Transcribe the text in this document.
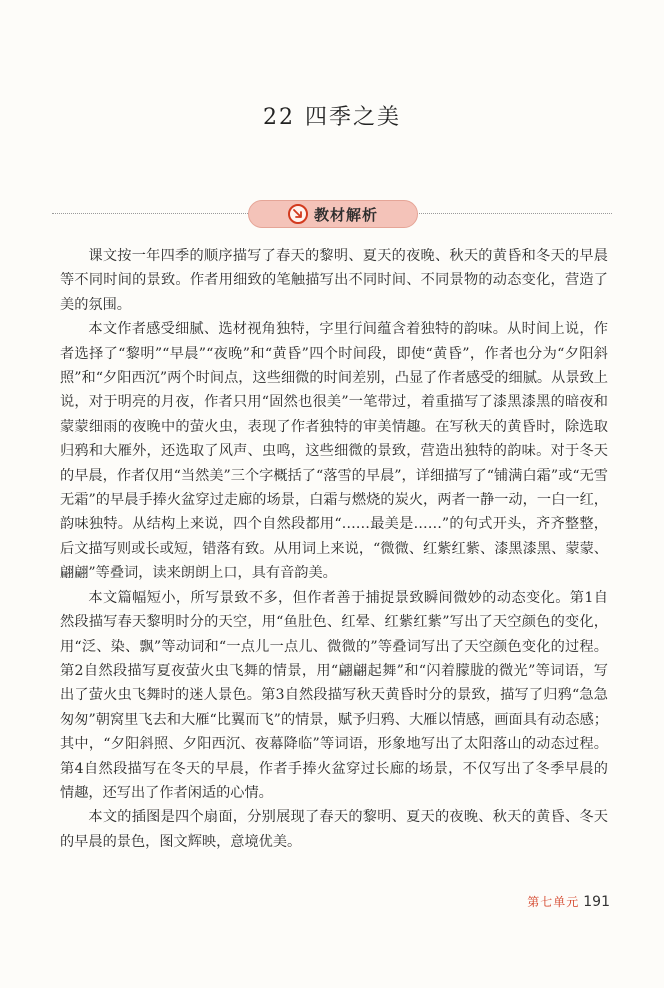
22 四季之美
教材解析

课文按一年四季的顺序描写了春天的黎明、夏天的夜晚、秋天的黄昏和冬天的早晨等不同时间的景致。作者用细致的笔触描写出不同时间、不同景物的动态变化，营造了美的氛围。

本文作者感受细腻、选材视角独特，字里行间蕴含着独特的韵味。从时间上说，作者选择了“黎明”“早晨”“夜晚”和“黄昏”四个时间段，即使“黄昏”，作者也分为“夕阳斜照”和“夕阳西沉”两个时间点，这些细微的时间差别，凸显了作者感受的细腻。从景致上说，对于明亮的月夜，作者只用“固然也很美”一笔带过，着重描写了漆黑漆黑的暗夜和蒙蒙细雨的夜晚中的萤火虫，表现了作者独特的审美情趣。在写秋天的黄昏时，除选取归鸦和大雁外，还选取了风声、虫鸣，这些细微的景致，营造出独特的韵味。对于冬天的早晨，作者仅用“当然美”三个字概括了“落雪的早晨”，详细描写了“铺满白霜”或“无雪无霜”的早晨手捧火盆穿过走廊的场景，白霜与燃烧的炭火，两者一静一动，一白一红，韵味独特。从结构上来说，四个自然段都用“……最美是……”的句式开头，齐齐整整，后文描写则或长或短，错落有致。从用词上来说，“微微、红紫红紫、漆黑漆黑、蒙蒙、翩翩”等叠词，读来朗朗上口，具有音韵美。

本文篇幅短小，所写景致不多，但作者善于捕捉景致瞬间微妙的动态变化。第1自然段描写春天黎明时分的天空，用“鱼肚色、红晕、红紫红紫”写出了天空颜色的变化，用“泛、染、飘”等动词和“一点儿一点儿、微微的”等叠词写出了天空颜色变化的过程。第2自然段描写夏夜萤火虫飞舞的情景，用“翩翩起舞”和“闪着朦胧的微光”等词语，写出了萤火虫飞舞时的迷人景色。第3自然段描写秋天黄昏时分的景致，描写了归鸦“急急匆匆”朝窝里飞去和大雁“比翼而飞”的情景，赋予归鸦、大雁以情感，画面具有动态感；其中，“夕阳斜照、夕阳西沉、夜幕降临”等词语，形象地写出了太阳落山的动态过程。第4自然段描写在冬天的早晨，作者手捧火盆穿过长廊的场景，不仅写出了冬季早晨的情趣，还写出了作者闲适的心情。

本文的插图是四个扇面，分别展现了春天的黎明、夏天的夜晚、秋天的黄昏、冬天的早晨的景色，图文辉映，意境优美。

第七单元 191
